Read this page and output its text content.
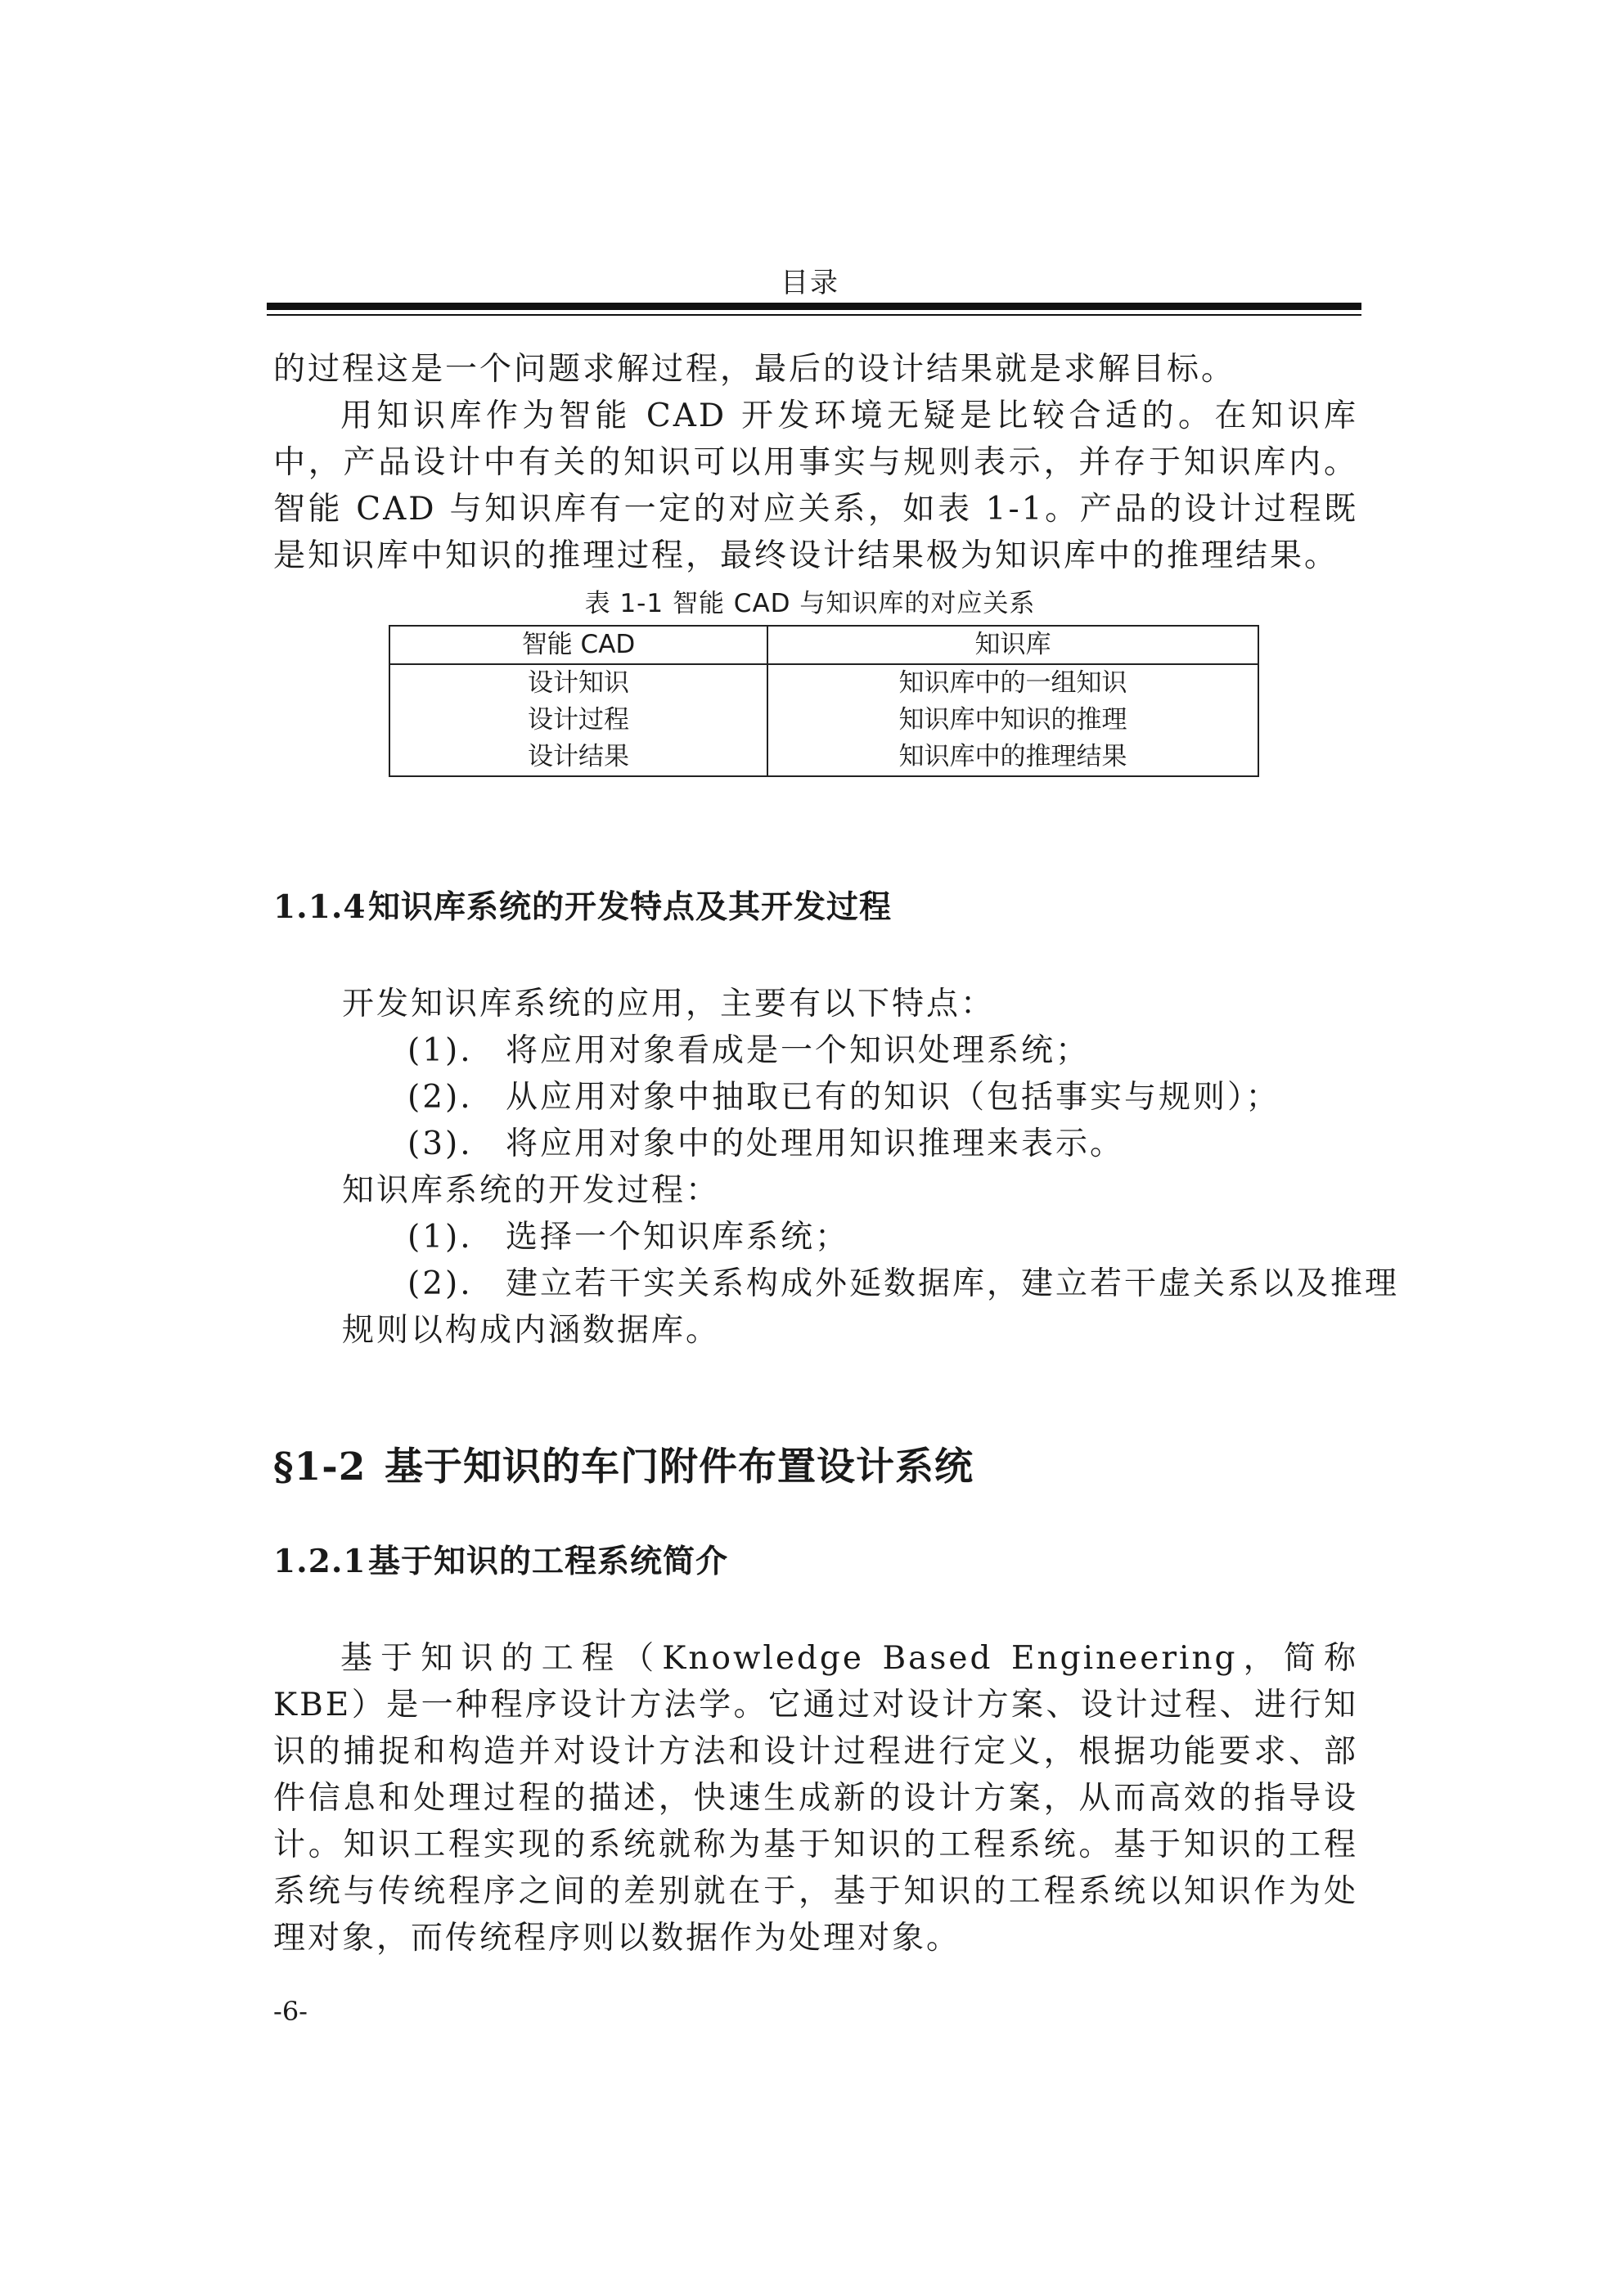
目录

的过程这是一个问题求解过程，最后的设计结果就是求解目标。

用知识库作为智能 CAD 开发环境无疑是比较合适的。在知识库中，产品设计中有关的知识可以用事实与规则表示，并存于知识库内。智能 CAD 与知识库有一定的对应关系，如表 1-1。产品的设计过程既是知识库中知识的推理过程，最终设计结果极为知识库中的推理结果。

表 1-1 智能 CAD 与知识库的对应关系
智能 CAD	知识库
设计知识	知识库中的一组知识
设计过程	知识库中知识的推理
设计结果	知识库中的推理结果
1.1.4知识库系统的开发特点及其开发过程

开发知识库系统的应用，主要有以下特点：

(1). 将应用对象看成是一个知识处理系统；

(2). 从应用对象中抽取已有的知识（包括事实与规则）；

(3). 将应用对象中的处理用知识推理来表示。

知识库系统的开发过程：

(1). 选择一个知识库系统；

(2). 建立若干实关系构成外延数据库，建立若干虚关系以及推理

规则以构成内涵数据库。

§1-2 基于知识的车门附件布置设计系统
1.2.1基于知识的工程系统简介

基于知识的工程（Knowledge Based Engineering，简称 KBE）是一种程序设计方法学。它通过对设计方案、设计过程、进行知识的捕捉和构造并对设计方法和设计过程进行定义，根据功能要求、部件信息和处理过程的描述，快速生成新的设计方案，从而高效的指导设计。知识工程实现的系统就称为基于知识的工程系统。基于知识的工程系统与传统程序之间的差别就在于，基于知识的工程系统以知识作为处理对象，而传统程序则以数据作为处理对象。

-6-
